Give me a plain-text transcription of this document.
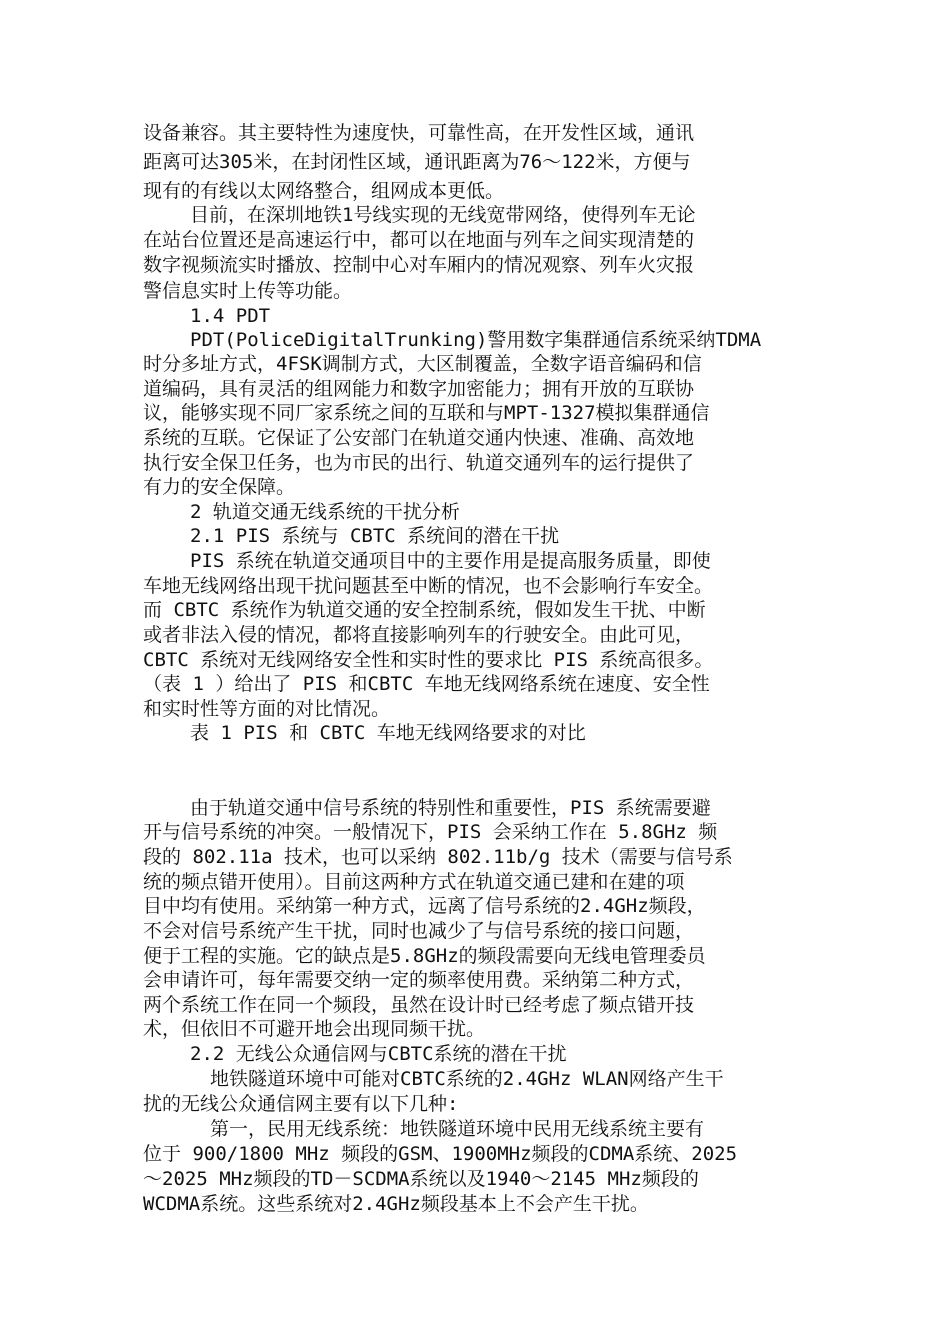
设备兼容。其主要特性为速度快，可靠性高，在开发性区域，通讯

距离可达305米，在封闭性区域，通讯距离为76～122米，方便与

现有的有线以太网络整合，组网成本更低。

目前，在深圳地铁1号线实现的无线宽带网络，使得列车无论

在站台位置还是高速运行中，都可以在地面与列车之间实现清楚的

数字视频流实时播放、控制中心对车厢内的情况观察、列车火灾报

警信息实时上传等功能。

1.4 PDT

PDT(PoliceDigitalTrunking)警用数字集群通信系统采纳TDMA

时分多址方式，4FSK调制方式，大区制覆盖，全数字语音编码和信

道编码，具有灵活的组网能力和数字加密能力；拥有开放的互联协

议，能够实现不同厂家系统之间的互联和与MPT-1327模拟集群通信

系统的互联。它保证了公安部门在轨道交通内快速、准确、高效地

执行安全保卫任务，也为市民的出行、轨道交通列车的运行提供了

有力的安全保障。

2 轨道交通无线系统的干扰分析

2.1 PIS 系统与 CBTC 系统间的潜在干扰

PIS 系统在轨道交通项目中的主要作用是提高服务质量，即使

车地无线网络出现干扰问题甚至中断的情况，也不会影响行车安全。

而 CBTC 系统作为轨道交通的安全控制系统，假如发生干扰、中断

或者非法入侵的情况，都将直接影响列车的行驶安全。由此可见，

CBTC 系统对无线网络安全性和实时性的要求比 PIS 系统高很多。

（表 1 ）给出了 PIS 和CBTC 车地无线网络系统在速度、安全性

和实时性等方面的对比情况。

表 1 PIS 和 CBTC 车地无线网络要求的对比

由于轨道交通中信号系统的特别性和重要性，PIS 系统需要避

开与信号系统的冲突。一般情况下，PIS 会采纳工作在 5.8GHz 频

段的 802.11a 技术，也可以采纳 802.11b/g 技术（需要与信号系

统的频点错开使用）。目前这两种方式在轨道交通已建和在建的项

目中均有使用。采纳第一种方式，远离了信号系统的2.4GHz频段，

不会对信号系统产生干扰，同时也减少了与信号系统的接口问题，

便于工程的实施。它的缺点是5.8GHz的频段需要向无线电管理委员

会申请许可，每年需要交纳一定的频率使用费。采纳第二种方式，

两个系统工作在同一个频段，虽然在设计时已经考虑了频点错开技

术，但依旧不可避开地会出现同频干扰。

2.2 无线公众通信网与CBTC系统的潜在干扰

地铁隧道环境中可能对CBTC系统的2.4GHz WLAN网络产生干

扰的无线公众通信网主要有以下几种:

第一，民用无线系统：地铁隧道环境中民用无线系统主要有

位于 900/1800 MHz 频段的GSM、1900MHz频段的CDMA系统、2025

～2025 MHz频段的TD－SCDMA系统以及1940～2145 MHz频段的

WCDMA系统。这些系统对2.4GHz频段基本上不会产生干扰。
